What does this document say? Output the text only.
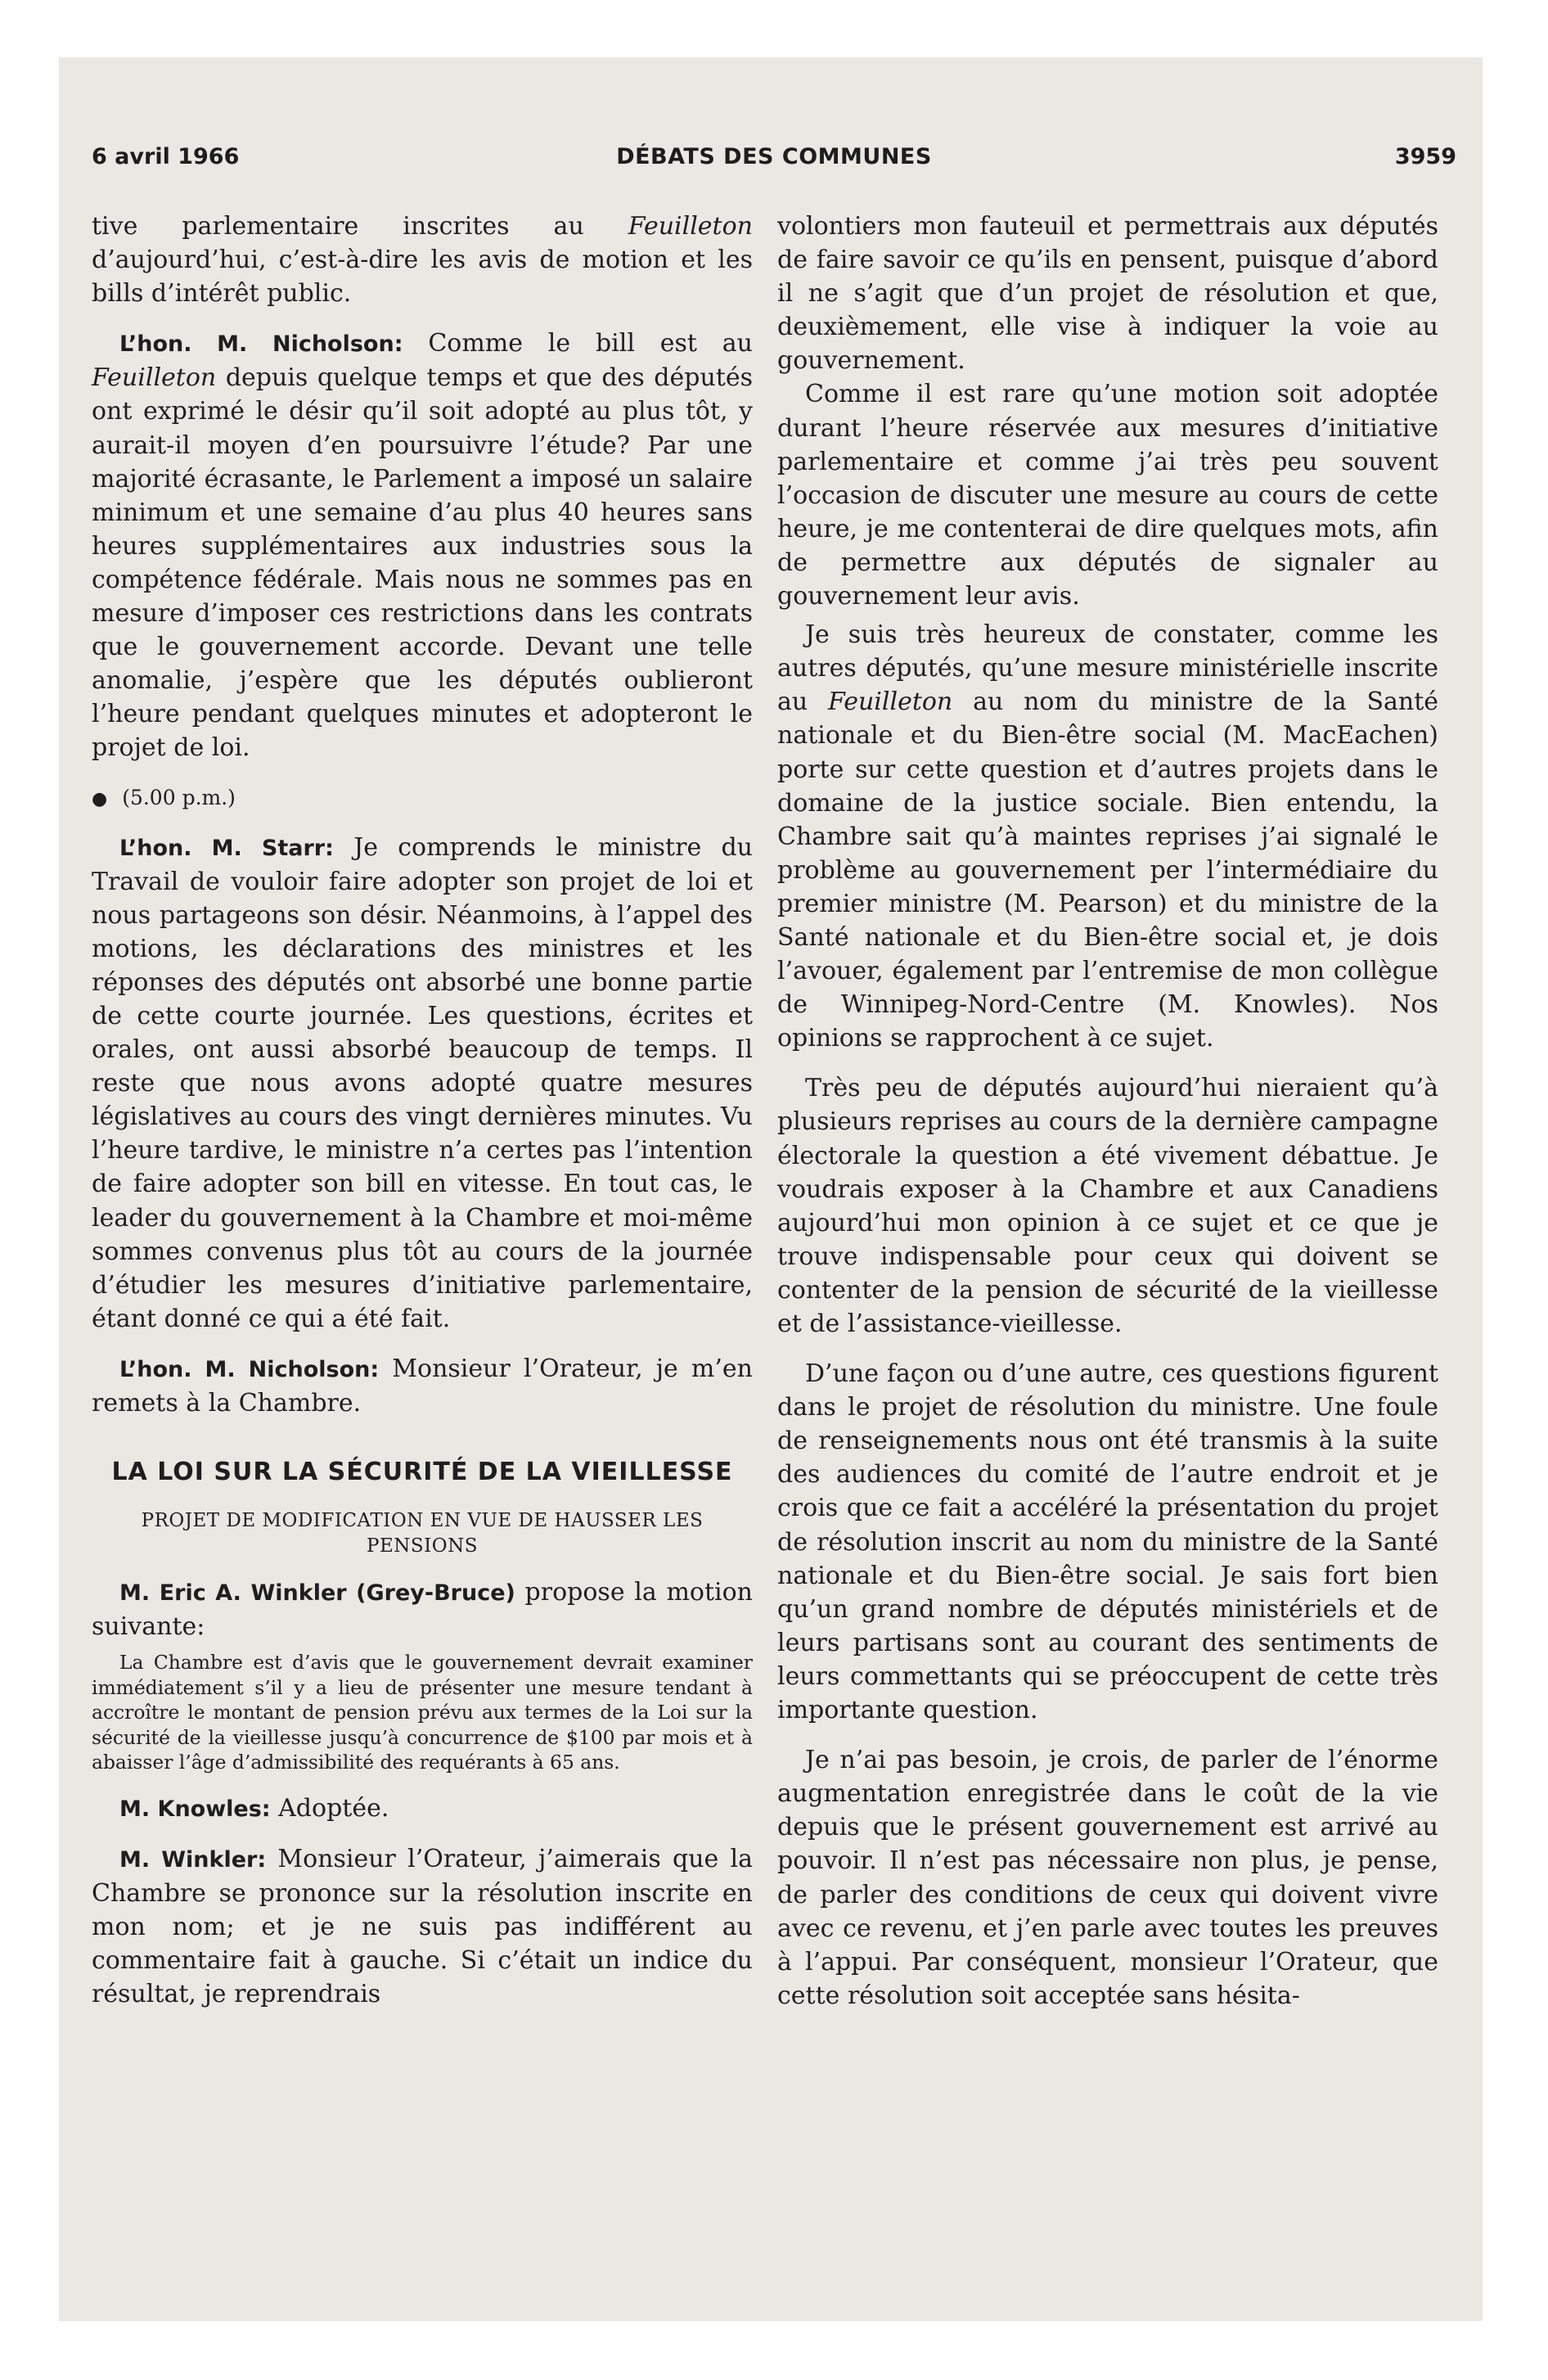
6 avril 1966	DÉBATS DES COMMUNES	3959

tive parlementaire inscrites au Feuilleton d’aujourd’hui, c’est-à-dire les avis de motion et les bills d’intérêt public.

L’hon. M. Nicholson: Comme le bill est au Feuilleton depuis quelque temps et que des députés ont exprimé le désir qu’il soit adopté au plus tôt, y aurait-il moyen d’en poursuivre l’étude? Par une majorité écrasante, le Parlement a imposé un salaire minimum et une semaine d’au plus 40 heures sans heures supplémentaires aux industries sous la compétence fédérale. Mais nous ne sommes pas en mesure d’imposer ces restrictions dans les contrats que le gouvernement accorde. Devant une telle anomalie, j’espère que les députés oublieront l’heure pendant quelques minutes et adopteront le projet de loi.

● (5.00 p.m.)

L’hon. M. Starr: Je comprends le ministre du Travail de vouloir faire adopter son projet de loi et nous partageons son désir. Néanmoins, à l’appel des motions, les déclarations des ministres et les réponses des députés ont absorbé une bonne partie de cette courte journée. Les questions, écrites et orales, ont aussi absorbé beaucoup de temps. Il reste que nous avons adopté quatre mesures législatives au cours des vingt dernières minutes. Vu l’heure tardive, le ministre n’a certes pas l’intention de faire adopter son bill en vitesse. En tout cas, le leader du gouvernement à la Chambre et moi-même sommes convenus plus tôt au cours de la journée d’étudier les mesures d’initiative parlementaire, étant donné ce qui a été fait.

L’hon. M. Nicholson: Monsieur l’Orateur, je m’en remets à la Chambre.

LA LOI SUR LA SÉCURITÉ DE LA VIEILLESSE
PROJET DE MODIFICATION EN VUE DE HAUSSER LES PENSIONS

M. Eric A. Winkler (Grey-Bruce) propose la motion suivante:

La Chambre est d’avis que le gouvernement devrait examiner immédiatement s’il y a lieu de présenter une mesure tendant à accroître le montant de pension prévu aux termes de la Loi sur la sécurité de la vieillesse jusqu’à concurrence de $100 par mois et à abaisser l’âge d’admissibilité des requérants à 65 ans.

M. Knowles: Adoptée.

M. Winkler: Monsieur l’Orateur, j’aimerais que la Chambre se prononce sur la résolution inscrite en mon nom; et je ne suis pas indifférent au commentaire fait à gauche. Si c’était un indice du résultat, je reprendrais

volontiers mon fauteuil et permettrais aux députés de faire savoir ce qu’ils en pensent, puisque d’abord il ne s’agit que d’un projet de résolution et que, deuxièmement, elle vise à indiquer la voie au gouvernement.

Comme il est rare qu’une motion soit adoptée durant l’heure réservée aux mesures d’initiative parlementaire et comme j’ai très peu souvent l’occasion de discuter une mesure au cours de cette heure, je me contenterai de dire quelques mots, afin de permettre aux députés de signaler au gouvernement leur avis.

Je suis très heureux de constater, comme les autres députés, qu’une mesure ministérielle inscrite au Feuilleton au nom du ministre de la Santé nationale et du Bien-être social (M. MacEachen) porte sur cette question et d’autres projets dans le domaine de la justice sociale. Bien entendu, la Chambre sait qu’à maintes reprises j’ai signalé le problème au gouvernement per l’intermédiaire du premier ministre (M. Pearson) et du ministre de la Santé nationale et du Bien-être social et, je dois l’avouer, également par l’entremise de mon collègue de Winnipeg-Nord-Centre (M. Knowles). Nos opinions se rapprochent à ce sujet.

Très peu de députés aujourd’hui nieraient qu’à plusieurs reprises au cours de la dernière campagne électorale la question a été vivement débattue. Je voudrais exposer à la Chambre et aux Canadiens aujourd’hui mon opinion à ce sujet et ce que je trouve indispensable pour ceux qui doivent se contenter de la pension de sécurité de la vieillesse et de l’assistance-vieillesse.

D’une façon ou d’une autre, ces questions figurent dans le projet de résolution du ministre. Une foule de renseignements nous ont été transmis à la suite des audiences du comité de l’autre endroit et je crois que ce fait a accéléré la présentation du projet de résolution inscrit au nom du ministre de la Santé nationale et du Bien-être social. Je sais fort bien qu’un grand nombre de députés ministériels et de leurs partisans sont au courant des sentiments de leurs commettants qui se préoccupent de cette très importante question.

Je n’ai pas besoin, je crois, de parler de l’énorme augmentation enregistrée dans le coût de la vie depuis que le présent gouvernement est arrivé au pouvoir. Il n’est pas nécessaire non plus, je pense, de parler des conditions de ceux qui doivent vivre avec ce revenu, et j’en parle avec toutes les preuves à l’appui. Par conséquent, monsieur l’Orateur, que cette résolution soit acceptée sans hésita-
